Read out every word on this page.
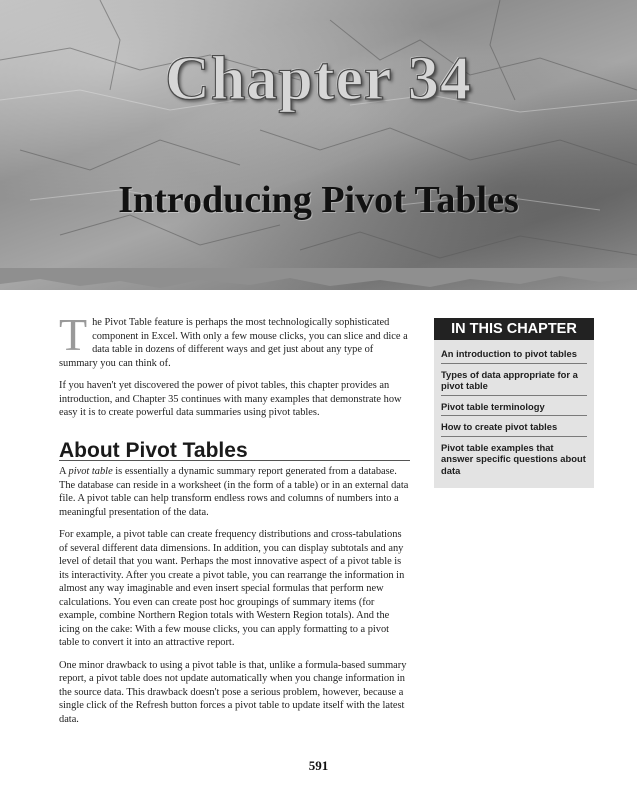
Chapter 34
Introducing Pivot Tables

The Pivot Table feature is perhaps the most technologically sophisticated component in Excel. With only a few mouse clicks, you can slice and dice a data table in dozens of different ways and get just about any type of summary you can think of.

If you haven't yet discovered the power of pivot tables, this chapter provides an introduction, and Chapter 35 continues with many examples that demonstrate how easy it is to create powerful data summaries using pivot tables.

About Pivot Tables

A pivot table is essentially a dynamic summary report generated from a database. The database can reside in a worksheet (in the form of a table) or in an external data file. A pivot table can help transform endless rows and columns of numbers into a meaningful presentation of the data.

For example, a pivot table can create frequency distributions and cross-tabulations of several different data dimensions. In addition, you can display subtotals and any level of detail that you want. Perhaps the most innovative aspect of a pivot table is its interactivity. After you create a pivot table, you can rearrange the information in almost any way imaginable and even insert special formulas that perform new calculations. You even can create post hoc groupings of summary items (for example, combine Northern Region totals with Western Region totals). And the icing on the cake: With a few mouse clicks, you can apply formatting to a pivot table to convert it into an attractive report.

One minor drawback to using a pivot table is that, unlike a formula-based summary report, a pivot table does not update automatically when you change information in the source data. This drawback doesn't pose a serious problem, however, because a single click of the Refresh button forces a pivot table to update itself with the latest data.

IN THIS CHAPTER
An introduction to pivot tables
Types of data appropriate for a pivot table
Pivot table terminology
How to create pivot tables
Pivot table examples that answer specific questions about data
591
